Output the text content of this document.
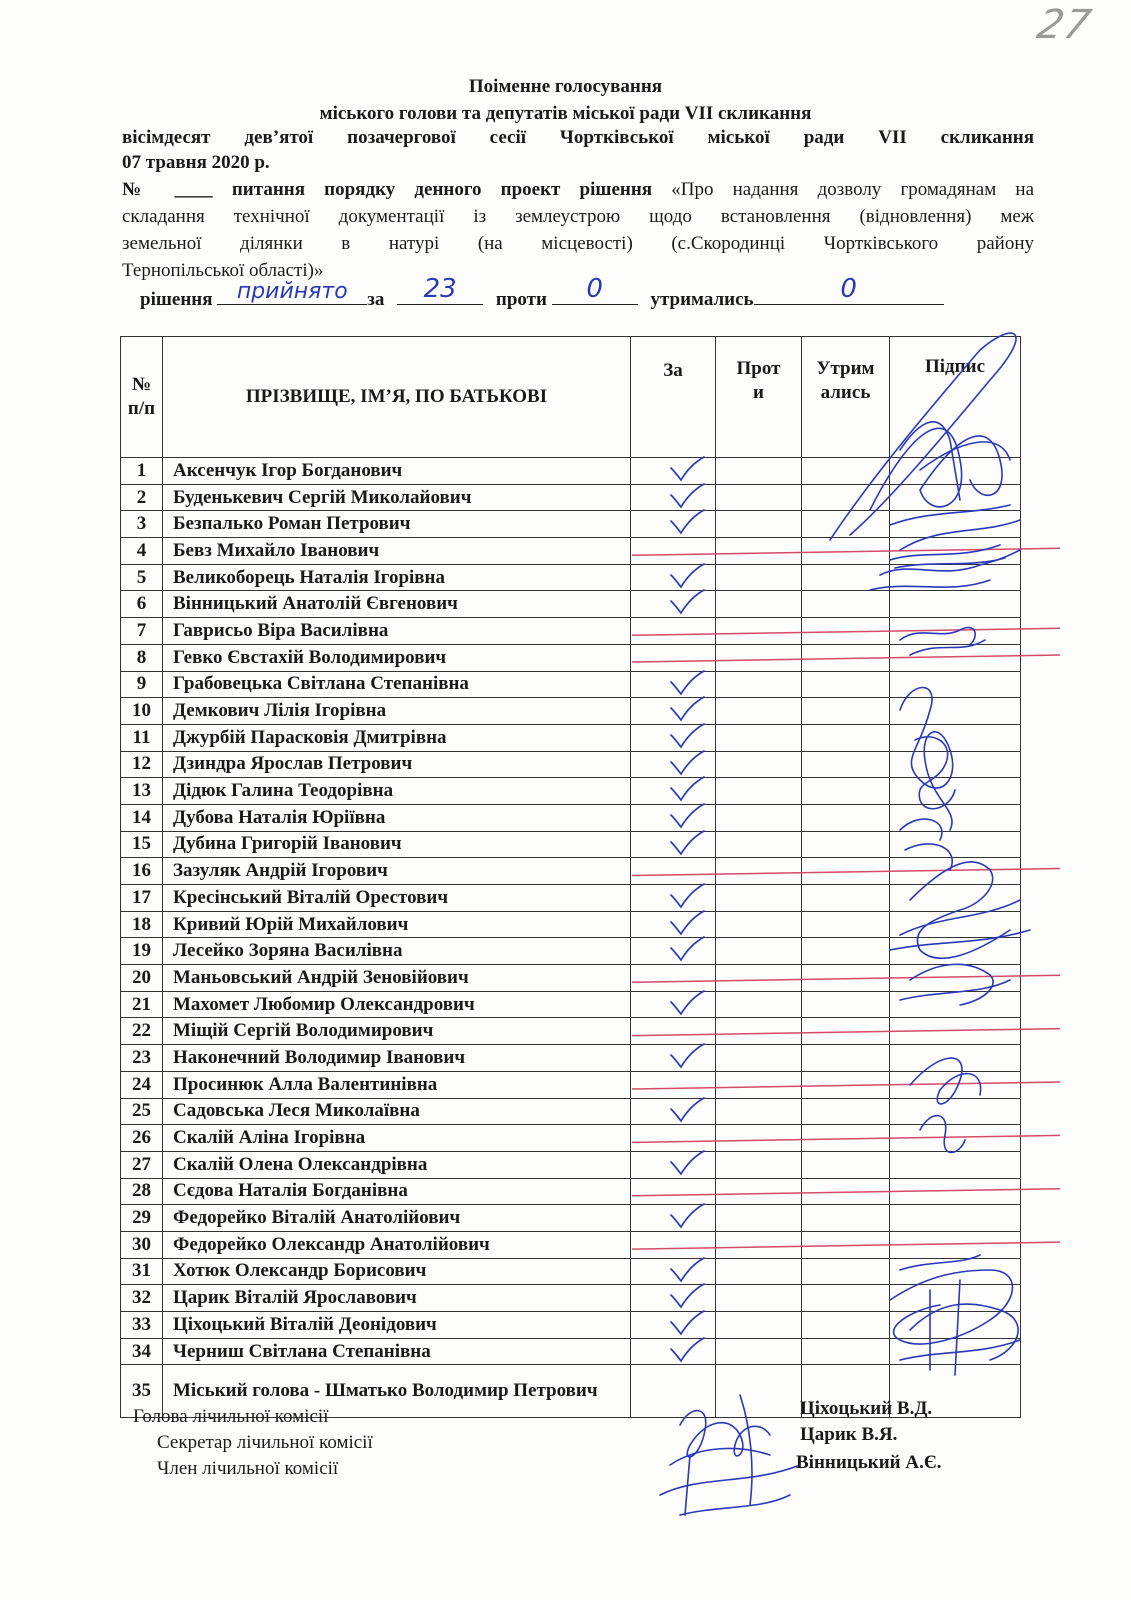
27
Поіменне голосування
міського голови та депутатів міської ради VII скликання
вісімдесят дев’ятої позачергової сесії Чортківської міської ради VII скликання
07 травня 2020 р.
№ ____ питання порядку денного проект рішення «Про надання дозволу громадянам на
складання технічної документації із землеустрою щодо встановлення (відновлення) меж
земельної ділянки в натурі (на місцевості) (с.Скородинці Чортківського району
Тернопільської області)»
рішення	прийнято	за	23	проти	0	утримались	0
№ п/п	ПРІЗВИЩЕ, ІМ’Я, ПО БАТЬКОВІ	За	Проти	Утримались	Підпис
1	Аксенчук Ігор Богданович	

2	Буденькевич Сергій Миколайович	

3	Безпалько Роман Петрович	

4	Бевз Михайло Іванович				
5	Великоборець Наталія Ігорівна	

6	Вінницький Анатолій Євгенович	

7	Гаврисьо Віра Василівна				
8	Гевко Євстахій Володимирович				
9	Грабовецька Світлана Степанівна	

10	Демкович Лілія Ігорівна	

11	Джурбій Парасковія Дмитрівна	

12	Дзиндра Ярослав Петрович	

13	Дідюк Галина Теодорівна	

14	Дубова Наталія Юріївна	

15	Дубина Григорій Іванович	

16	Зазуляк Андрій Ігорович				
17	Кресінський Віталій Орестович	

18	Кривий Юрій Михайлович	

19	Лесейко Зоряна Василівна	

20	Маньовський Андрій Зеновійович				
21	Махомет Любомир Олександрович	

22	Міщій Сергій Володимирович				
23	Наконечний Володимир Іванович	

24	Просинюк Алла Валентинівна				
25	Садовська Леся Миколаївна	

26	Скалій Аліна Ігорівна				
27	Скалій Олена Олександрівна	

28	Сєдова Наталія Богданівна				
29	Федорейко Віталій Анатолійович	

30	Федорейко Олександр Анатолійович				
31	Хотюк Олександр Борисович	

32	Царик Віталій Ярославович	

33	Ціхоцький Віталій Деонідович	

34	Черниш Світлана Степанівна	

35	Міський голова - Шматько Володимир Петрович				
Голова лічильної комісії
Секретар лічильної комісії
Член лічильної комісії
Ціхоцький В.Д.
Царик В.Я.
Вінницький А.Є.
